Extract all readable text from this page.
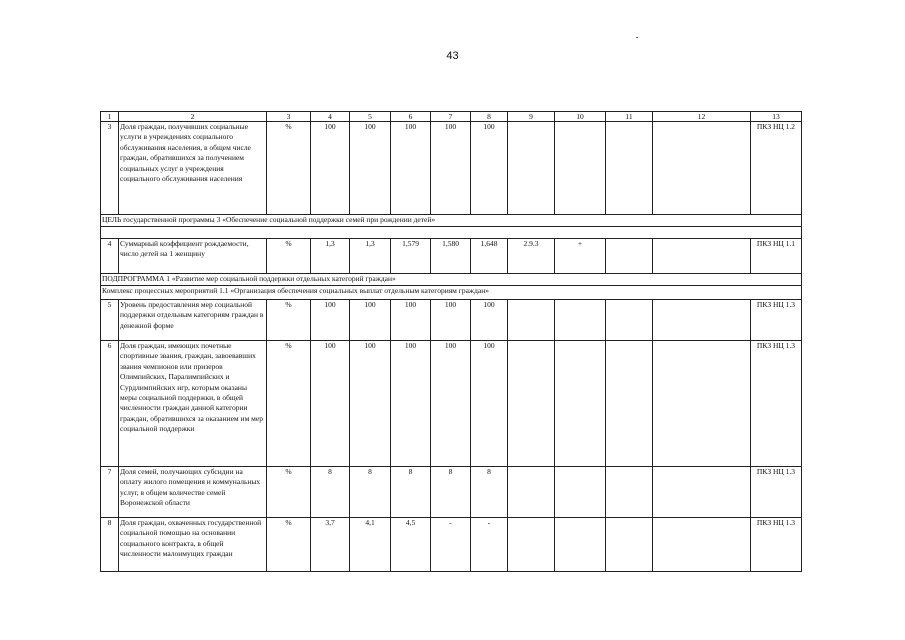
43
1	2	3	4	5	6	7	8	9	10	11	12	13
3	Доля граждан, получивших социальные услуги в учреждениях социального обслуживания населения, в общем числе граждан, обратившихся за получением социальных услуг в учреждения социального обслуживания населения	%	100	100	100	100	100					ПКЗ НЦ 1.2
ЦЕЛЬ государственной программы 3 «Обеспечение социальной поддержки семей при рождении детей»												

4	Суммарный коэффициент рождаемости, число детей на 1 женщину	%	1,3	1,3	1,579	1,580	1,648	2.9.3	+			ПКЗ НЦ 1.1
ПОДПРОГРАММА 1 «Развитие мер социальной поддержки отдельных категорий граждан»												
Комплекс процессных мероприятий 1.1 «Организация обеспечения социальных выплат отдельным категориям граждан»												
5	Уровень предоставления мер социальной поддержки отдельным категориям граждан в денежной форме	%	100	100	100	100	100					ПКЗ НЦ 1.3
6	Доля граждан, имеющих почетные спортивные звания, граждан, завоевавших звания чемпионов или призеров Олимпийских, Паралимпийских и Сурдлимпийских игр, которым оказаны меры социальной поддержки, в общей численности граждан данной категории граждан, обратившихся за оказанием им мер социальной поддержки	%	100	100	100	100	100					ПКЗ НЦ 1.3
7	Доля семей, получающих субсидии на оплату жилого помещения и коммунальных услуг, в общем количестве семей Воронежской области	%	8	8	8	8	8					ПКЗ НЦ 1.3
8	Доля граждан, охваченных государственной социальной помощью на основании социального контракта, в общей численности малоимущих граждан	%	3,7	4,1	4,5	-	-					ПКЗ НЦ 1.3
